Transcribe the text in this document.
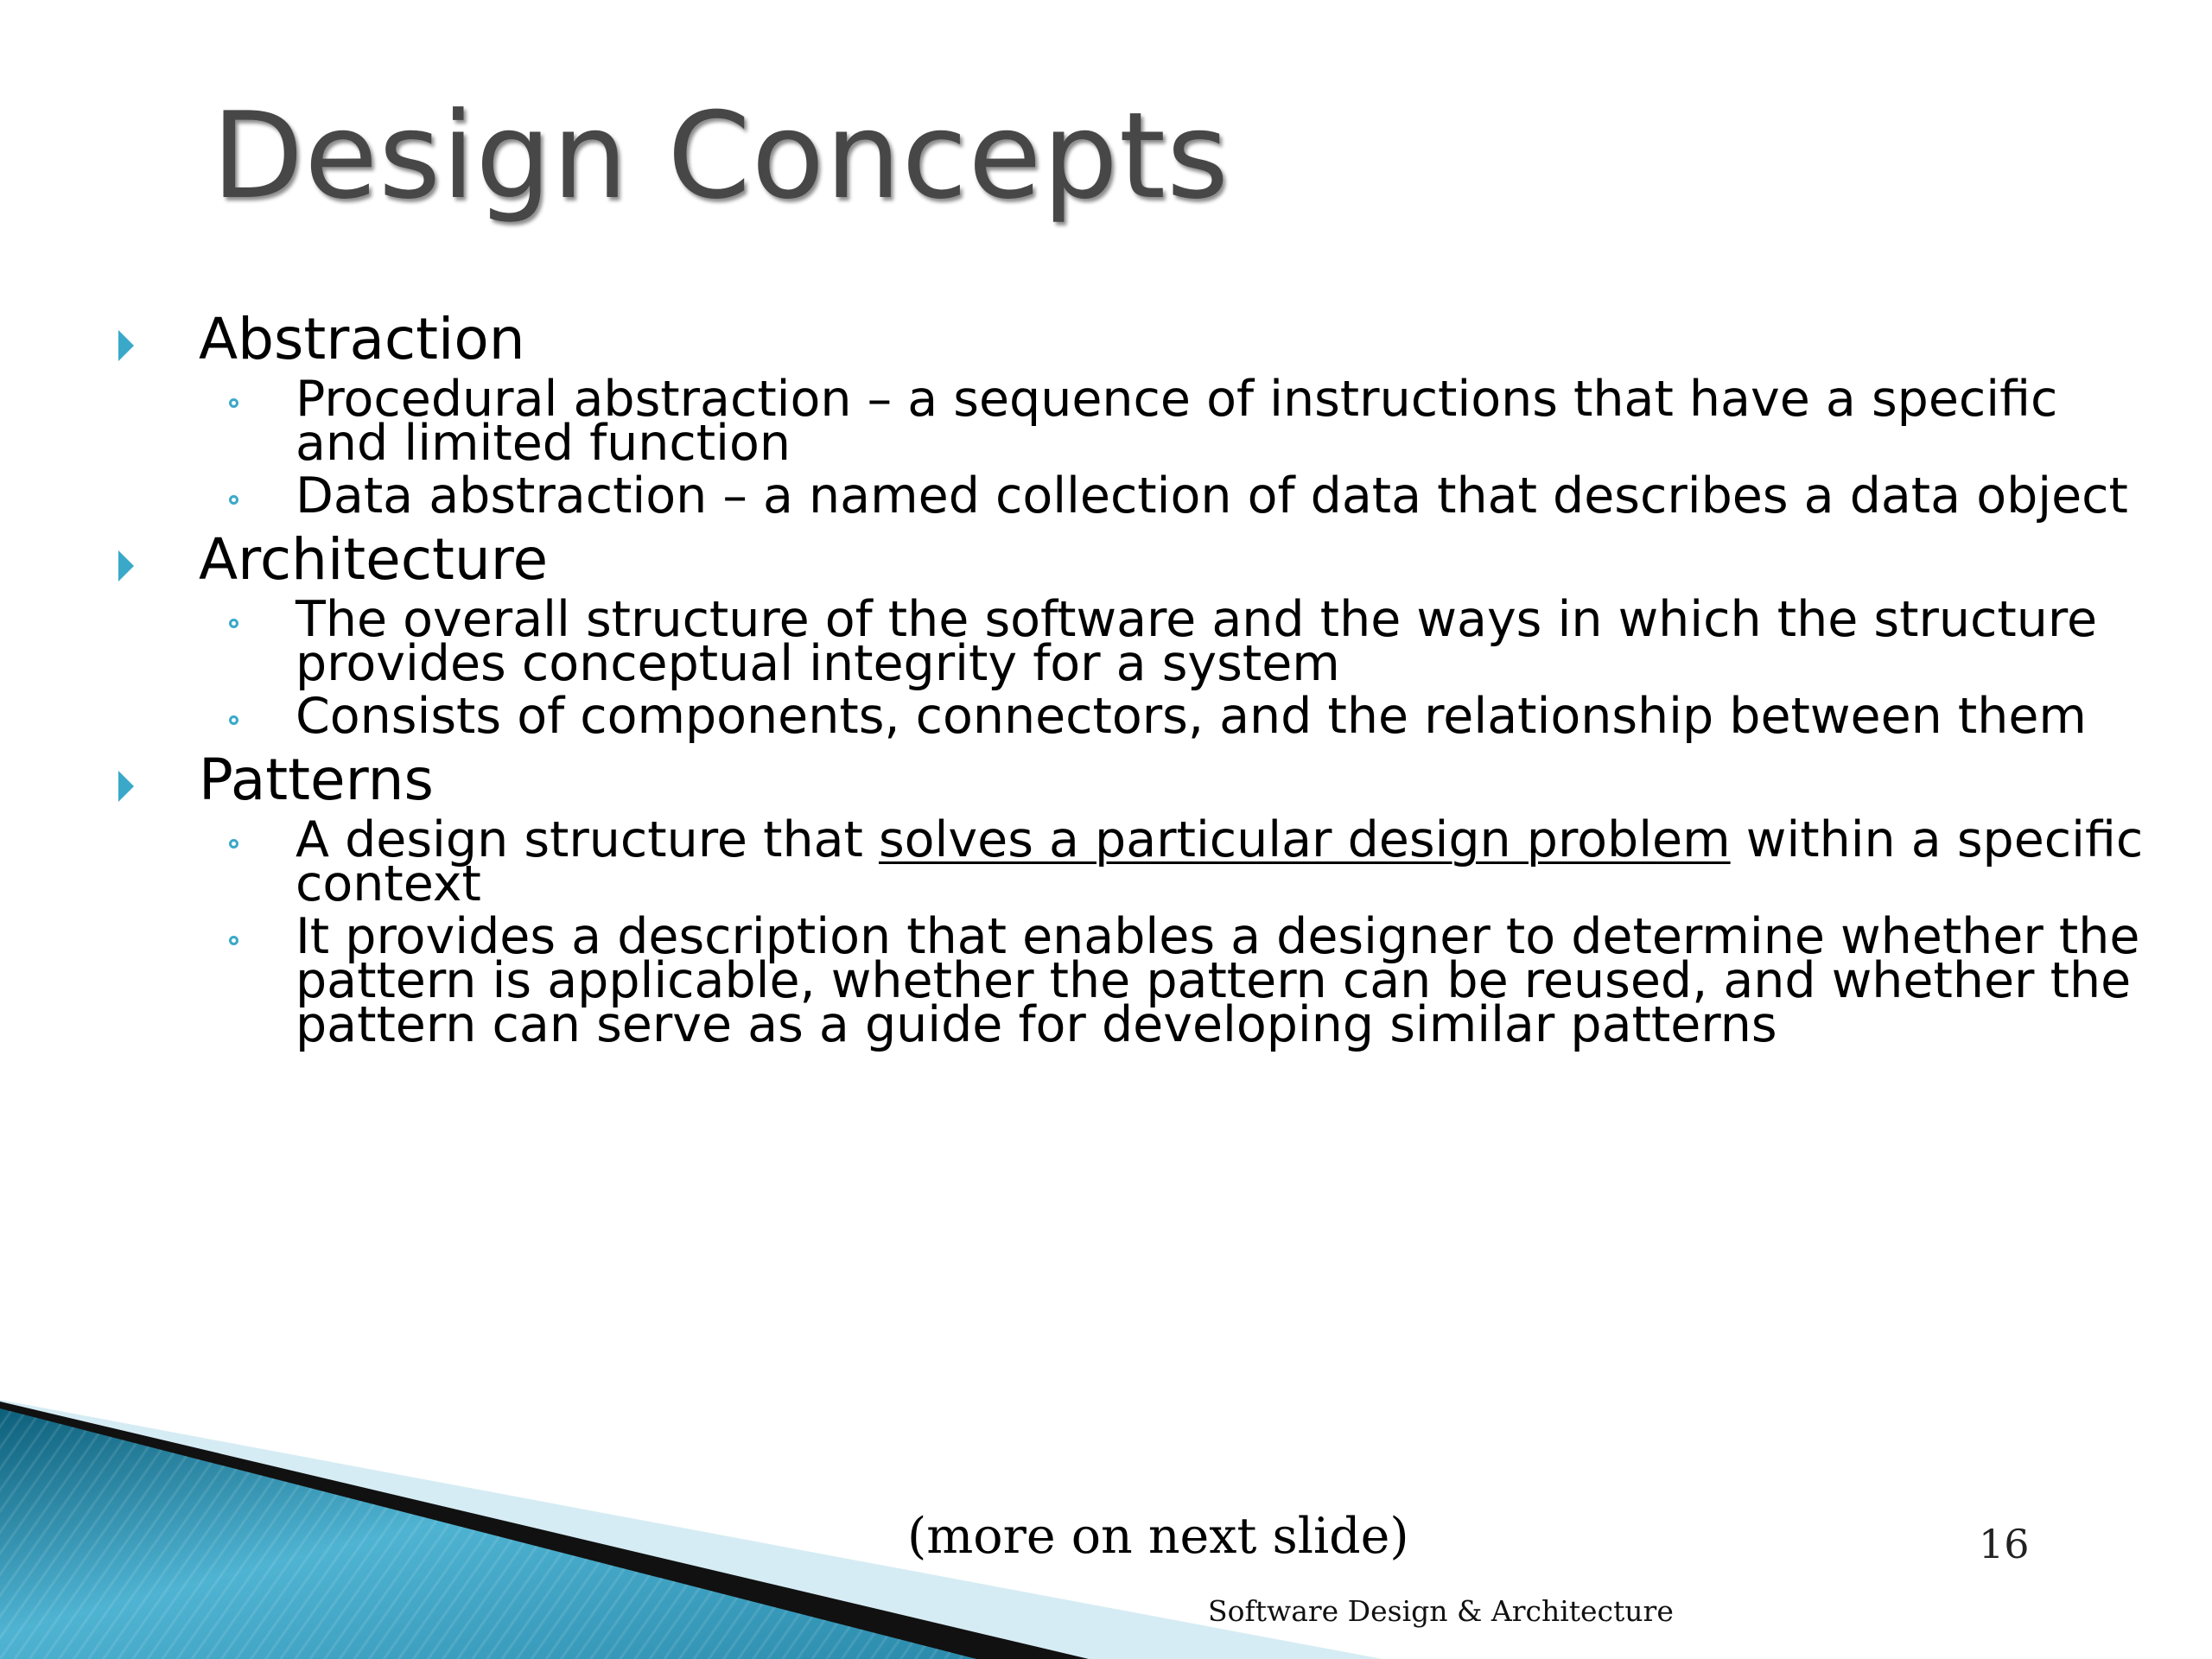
Design Concepts
Abstraction
Procedural abstraction – a sequence of instructions that have a specific and limited function
Data abstraction – a named collection of data that describes a data object
Architecture
The overall structure of the software and the ways in which the structure provides conceptual integrity for a system
Consists of components, connectors, and the relationship between them
Patterns
A design structure that solves a particular design problem within a specific context
It provides a description that enables a designer to determine whether the pattern is applicable, whether the pattern can be reused, and whether the pattern can serve as a guide for developing similar patterns
(more on next slide)	16
Software Design & Architecture
